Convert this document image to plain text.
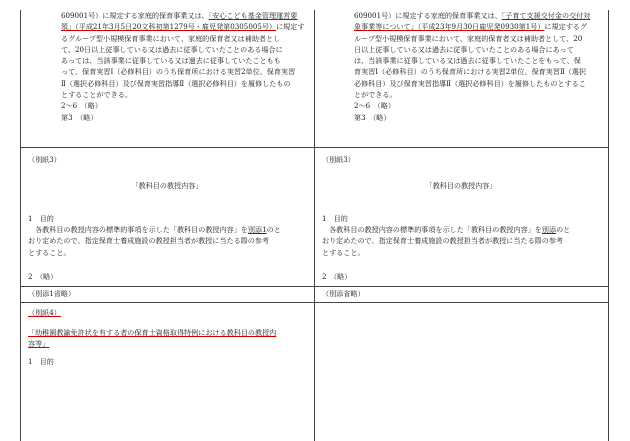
609001号）に規定する家庭的保育事業又は、「安心こども基金管理運営要
領」（平成21年3月5日20文科初第1279号・雇児発第0305005号）に規定す
るグループ型小規模保育事業において、家庭的保育者又は補助者とし
て、20日以上従事している又は過去に従事していたことのある場合に
あっては、当該事業に従事している又は過去に従事していたこともも
って、保育実習Ⅰ（必修科目）のうち保育所における実習2単位、保育実習
Ⅱ（選択必修科目）及び保育実習指導Ⅱ（選択必修科目）を履修したもの
とすることができる。
2～6　（略）
第3　（略）
（別紙3）
「教科目の教授内容」
1　目的
　各教科目の教授内容の標準的事項を示した「教科目の教授内容」を別添1のと
おり定めたので、指定保育士養成施設の教授担当者が教授に当たる際の参考
とすること。
2　（略）
（別添1省略）
（別紙4）
「幼稚園教諭免許状を有する者の保育士資格取得特例における教科目の教授内
容等」
1　目的
609001号）に規定する家庭的保育事業又は、「子育て支援交付金の交付対
象事業等について」（平成23年9月30日雇児発0930第1号）に規定するグ
ループ型小規模保育事業において、家庭的保育者又は補助者として、20
日以上従事している又は過去に従事していたことのある場合にあって
は、当該事業に従事している又は過去に従事していたことをもって、保
育実習Ⅰ（必修科目）のうち保育所における実習2単位、保育実習Ⅱ（選択
必修科目）及び保育実習指導Ⅱ（選択必修科目）を履修したものとするこ
とができる。
2～6　（略）
第3　（略）
（別紙3）
「教科目の教授内容」
1　目的
　各教科目の教授内容の標準的事項を示した「教科目の教授内容」を別添のと
おり定めたので、指定保育士養成施設の教授担当者が教授に当たる際の参考
とすること。
2　（略）
（別添省略）
